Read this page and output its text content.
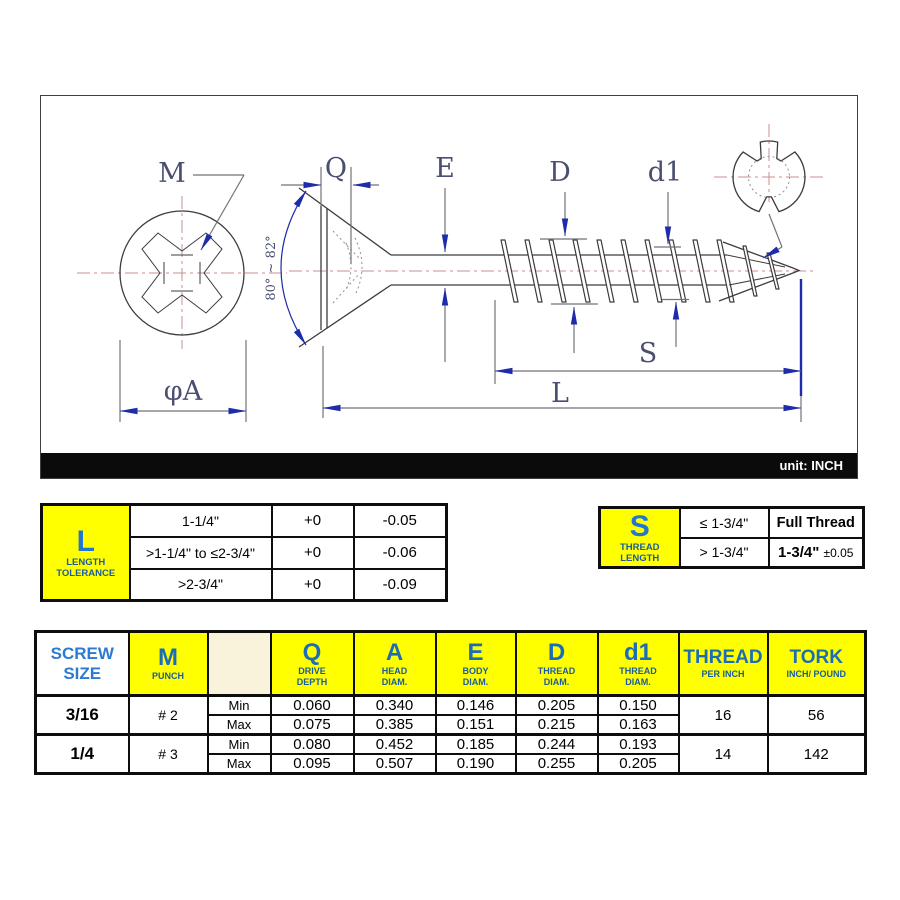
M
φA
Q
80° ~ 82°
E	D	d1
S
L
unit: INCH
L
LENGTH
TOLERANCE	1-1/4"	+0	-0.05
	>1-1/4" to ≤2-3/4"	+0	-0.06
	>2-3/4"	+0	-0.09
S
THREAD
LENGTH	≤ 1-3/4"	Full Thread
	> 1-3/4"	1-3/4" ±0.05
SCREW
SIZE

M
PUNCH

Q
DRIVE
DEPTH

A
HEAD
DIAM.

E
BODY
DIAM.

D
THREAD
DIAM.

d1
THREAD
DIAM.

THREAD
PER INCH

TORK
INCH/ POUND

3/16	# 2	Min	0.060	0.340	0.146	0.205	0.150	16	56
		Max	0.075	0.385	0.151	0.215	0.163		
1/4	# 3	Min	0.080	0.452	0.185	0.244	0.193	14	142
		Max	0.095	0.507	0.190	0.255	0.205		
